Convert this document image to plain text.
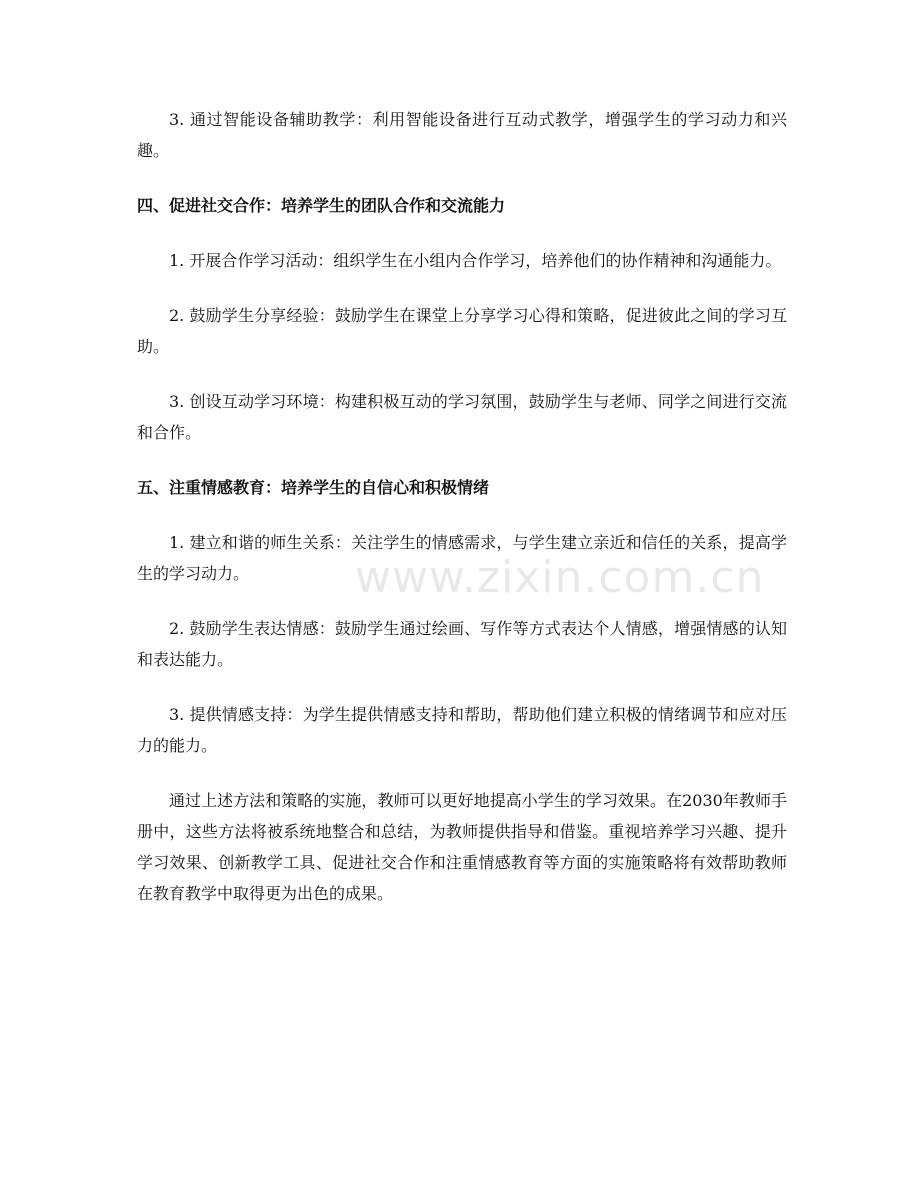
3. 通过智能设备辅助教学：利用智能设备进行互动式教学，增强学生的学习动力和兴趣。

四、促进社交合作：培养学生的团队合作和交流能力

1. 开展合作学习活动：组织学生在小组内合作学习，培养他们的协作精神和沟通能力。

2. 鼓励学生分享经验：鼓励学生在课堂上分享学习心得和策略，促进彼此之间的学习互助。

3. 创设互动学习环境：构建积极互动的学习氛围，鼓励学生与老师、同学之间进行交流和合作。

五、注重情感教育：培养学生的自信心和积极情绪

1. 建立和谐的师生关系：关注学生的情感需求，与学生建立亲近和信任的关系，提高学生的学习动力。

2. 鼓励学生表达情感：鼓励学生通过绘画、写作等方式表达个人情感，增强情感的认知和表达能力。

3. 提供情感支持：为学生提供情感支持和帮助，帮助他们建立积极的情绪调节和应对压力的能力。

通过上述方法和策略的实施，教师可以更好地提高小学生的学习效果。在2030年教师手册中，这些方法将被系统地整合和总结，为教师提供指导和借鉴。重视培养学习兴趣、提升学习效果、创新教学工具、促进社交合作和注重情感教育等方面的实施策略将有效帮助教师在教育教学中取得更为出色的成果。

www.zixin.com.cn
